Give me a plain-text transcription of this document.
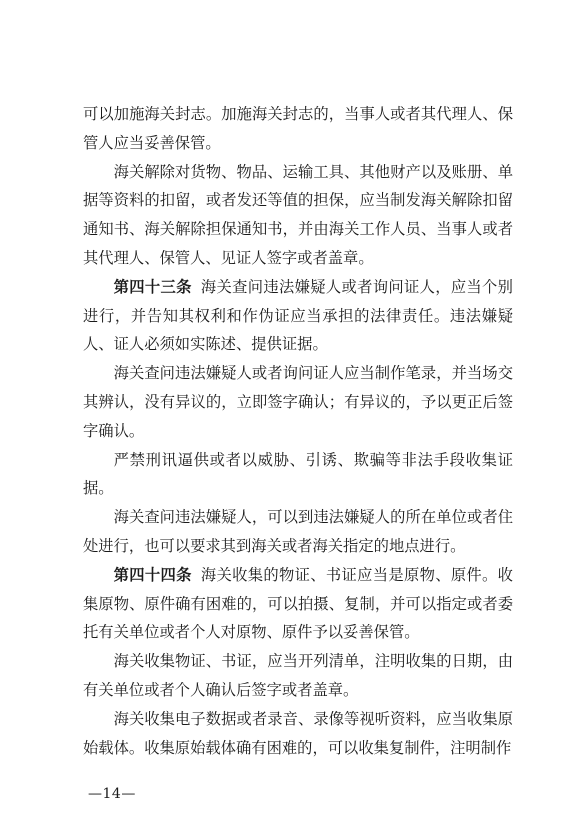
可以加施海关封志。加施海关封志的，当事人或者其代理人、保管人应当妥善保管。

海关解除对货物、物品、运输工具、其他财产以及账册、单据等资料的扣留，或者发还等值的担保，应当制发海关解除扣留通知书、海关解除担保通知书，并由海关工作人员、当事人或者其代理人、保管人、见证人签字或者盖章。

第四十三条 海关查问违法嫌疑人或者询问证人，应当个别进行，并告知其权利和作伪证应当承担的法律责任。违法嫌疑人、证人必须如实陈述、提供证据。

海关查问违法嫌疑人或者询问证人应当制作笔录，并当场交其辨认，没有异议的，立即签字确认；有异议的，予以更正后签字确认。

严禁刑讯逼供或者以威胁、引诱、欺骗等非法手段收集证据。

海关查问违法嫌疑人，可以到违法嫌疑人的所在单位或者住处进行，也可以要求其到海关或者海关指定的地点进行。

第四十四条 海关收集的物证、书证应当是原物、原件。收集原物、原件确有困难的，可以拍摄、复制，并可以指定或者委托有关单位或者个人对原物、原件予以妥善保管。

海关收集物证、书证，应当开列清单，注明收集的日期，由有关单位或者个人确认后签字或者盖章。

海关收集电子数据或者录音、录像等视听资料，应当收集原始载体。收集原始载体确有困难的，可以收集复制件，注明制作

—14—
